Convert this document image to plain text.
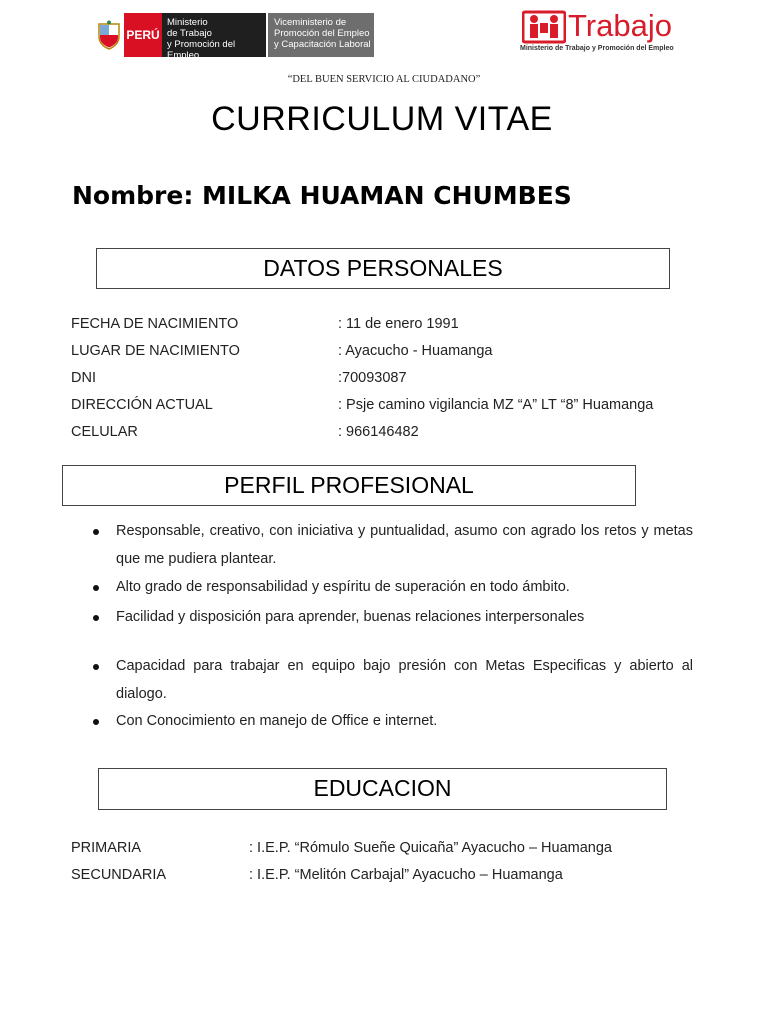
PERÚ
Ministerio
de Trabajo
y Promoción del Empleo
Viceministerio de
Promoción del Empleo
y Capacitación Laboral
Trabajo
Ministerio de Trabajo y Promoción del Empleo
“DEL BUEN SERVICIO AL CIUDADANO”
CURRICULUM VITAE
Nombre: MILKA HUAMAN CHUMBES
DATOS PERSONALES
FECHA DE NACIMIENTO	: 11 de enero 1991
LUGAR DE NACIMIENTO	: Ayacucho - Huamanga
DNI	:70093087
DIRECCIÓN ACTUAL	: Psje camino vigilancia MZ “A” LT “8” Huamanga
CELULAR	: 966146482
PERFIL PROFESIONAL
Responsable, creativo, con iniciativa y puntualidad, asumo con agrado los retos y metas que me pudiera plantear.
Alto grado de responsabilidad y espíritu de superación en todo ámbito.
Facilidad y disposición para aprender, buenas relaciones interpersonales
Capacidad para trabajar en equipo bajo presión con Metas Especificas y abierto al dialogo.
Con Conocimiento en manejo de Office e internet.
EDUCACION
PRIMARIA	: I.E.P. “Rómulo Sueñe Quicaña” Ayacucho – Huamanga
SECUNDARIA	: I.E.P. “Melitón Carbajal” Ayacucho – Huamanga
